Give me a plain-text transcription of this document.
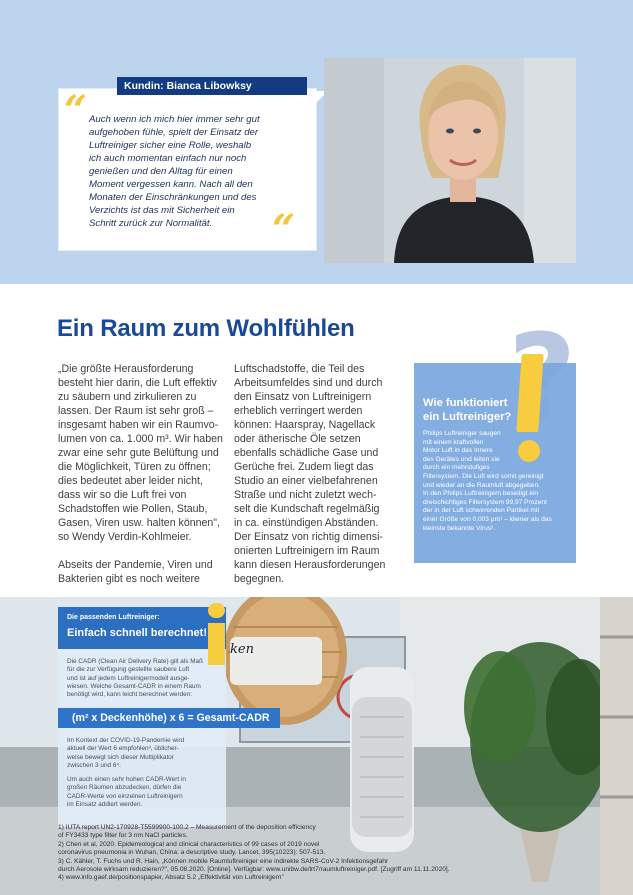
Kundin: Bianca Libowksy
“ Auch wenn ich mich hier immer sehr gut
aufgehoben fühle, spielt der Einsatz der
Luftreiniger sicher eine Rolle, weshalb
ich auch momentan einfach nur noch
genießen und den Alltag für einen
Moment vergessen kann. Nach all den
Monaten der Einschränkungen und des
Verzichts ist das mit Sicherheit ein
Schritt zurück zur Normalität.	“
Ein Raum zum Wohlfühlen

„Die größte Herausforderung
besteht hier darin, die Luft effektiv
zu säubern und zirkulieren zu
lassen. Der Raum ist sehr groß –
insgesamt haben wir ein Raumvo-
lumen von ca. 1.000 m³. Wir haben
zwar eine sehr gute Belüftung und
die Möglichkeit, Türen zu öffnen;
dies bedeutet aber leider nicht,
dass wir so die Luft frei von
Schadstoffen wie Pollen, Staub,
Gasen, Viren usw. halten können",
so Wendy Verdin-Kohlmeier.

Abseits der Pandemie, Viren und
Bakterien gibt es noch weitere

Luftschadstoffe, die Teil des
Arbeitsumfeldes sind und durch
den Einsatz von Luftreinigern
erheblich verringert werden
können: Haarspray, Nagellack
oder ätherische Öle setzen
ebenfalls schädliche Gase und
Gerüche frei. Zudem liegt das
Studio an einer vielbefahrenen
Straße und nicht zuletzt wech-
selt die Kundschaft regelmäßig
in ca. einstündigen Abständen.
Der Einsatz von richtig dimensi-
onierten Luftreinigern im Raum
kann diesen Herausforderungen
begegnen.

Wie funktioniert
ein Luftreiniger?
Philips Luftreiniger saugen
mit einem kraftvollen
Motor Luft in das Innere
des Gerätes und leiten sie
durch ein mehrstufiges
Filtersystem. Die Luft wird somit gereinigt
und wieder an die Raumluft abgegeben.
In den Philips Luftreinigern beseitigt ein
dreischichtiges Filtersystem 99,97 Prozent
der in der Luft schwirrenden Partikel mit
einer Größe von 0,003 µm¹ – kleiner als das
kleinste bekannte Virus².
ken
Die passenden Luftreiniger:
Einfach schnell berechnet!
Die CADR (Clean Air Delivery Rate) gilt als Maß
für die zur Verfügung gestellte saubere Luft
und ist auf jedem Luftreinigermodell ausge-
wiesen. Welche Gesamt-CADR in einem Raum
benötigt wird, kann leicht berechnet werden:
(m² x Deckenhöhe) x 6 = Gesamt-CADR
Im Kontext der COVID-19-Pandemie wird
aktuell der Wert 6 empfohlen³, üblicher-
weise bewegt sich dieser Multiplikator
zwischen 3 und 6⁴.
Um auch einen sehr hohen CADR-Wert in
großen Räumen abzudecken, dürfen die
CADR-Werte von einzelnen Luftreinigern
im Einsatz addiert werden.
1) IUTA report UN2-170928-T5599900-100.2 – Measurement of the deposition efficiency
of FY3433 type filter for 3 nm NaCl particles.
2) Chen et al, 2020. Epidemiological and clinical characteristics of 99 cases of 2019 novel
coronavirus pneumonia in Wuhan, China: a descriptive study. Lancet, 395(10223): 507-513.
3) C. Kähler, T. Fuchs und R. Hain, „Können mobile Raumluftreiniger eine indirekte SARS-CoV-2 Infektionsgefahr
durch Aerosole wirksam reduzieren?", 05.08.2020. [Online]. Verfügbar: www.unibw.de/lrt7/raumluftreiniger.pdf. [Zugriff am 11.11.2020].
4) www.info.gaef.de/positionspapier, Absatz 5.2 „Effektivität von Luftreinigern"
